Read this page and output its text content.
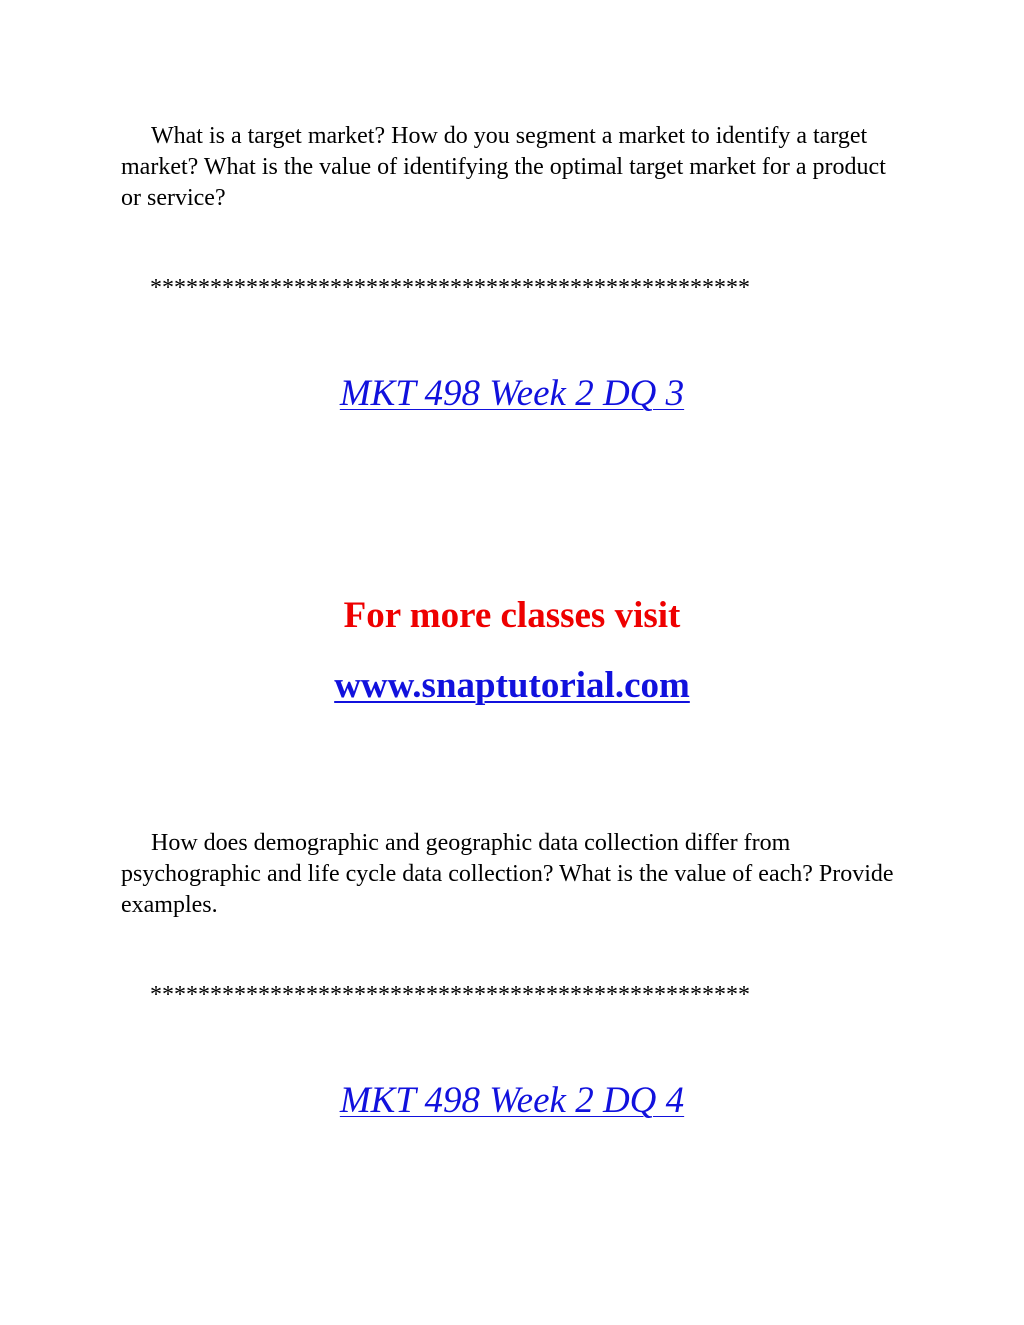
What is a target market? How do you segment a market to identify a target market? What is the value of identifying the optimal target market for a product or service?

**************************************************

MKT 498 Week 2 DQ 3

For more classes visit

www.snaptutorial.com

How does demographic and geographic data collection differ from psychographic and life cycle data collection? What is the value of each? Provide examples.

**************************************************

MKT 498 Week 2 DQ 4
